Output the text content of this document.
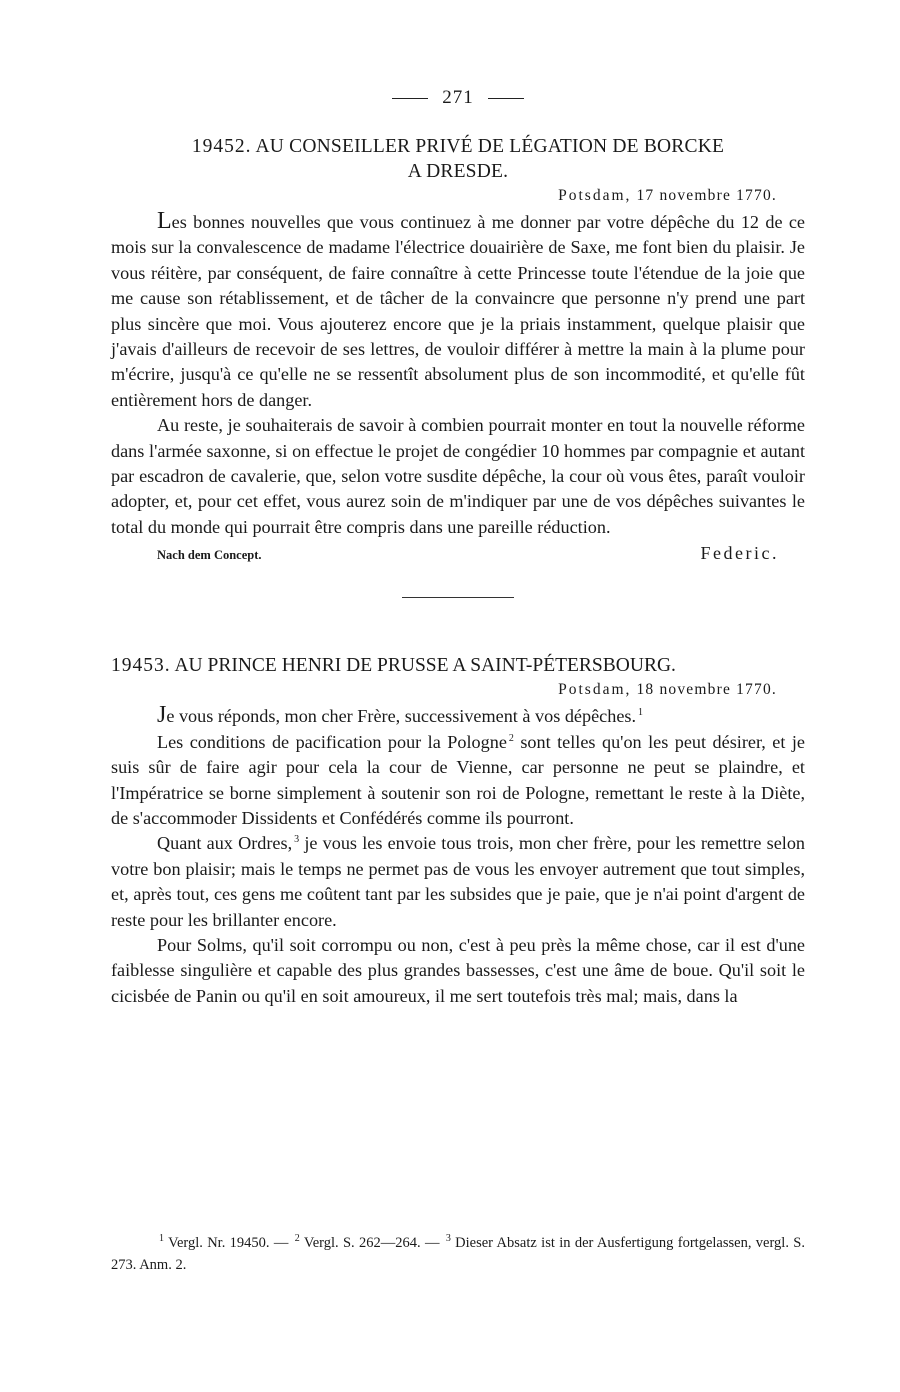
271
19452. AU CONSEILLER PRIVÉ DE LÉGATION DE BORCKE
A DRESDE.
Potsdam, 17 novembre 1770.

Les bonnes nouvelles que vous continuez à me donner par votre dépêche du 12 de ce mois sur la convalescence de madame l'électrice douairière de Saxe, me font bien du plaisir. Je vous réitère, par conséquent, de faire connaître à cette Princesse toute l'étendue de la joie que me cause son rétablissement, et de tâcher de la convaincre que personne n'y prend une part plus sincère que moi. Vous ajouterez encore que je la priais instamment, quelque plaisir que j'avais d'ailleurs de recevoir de ses lettres, de vouloir différer à mettre la main à la plume pour m'écrire, jusqu'à ce qu'elle ne se ressentît absolument plus de son incommodité, et qu'elle fût entièrement hors de danger.

Au reste, je souhaiterais de savoir à combien pourrait monter en tout la nouvelle réforme dans l'armée saxonne, si on effectue le projet de congédier 10 hommes par compagnie et autant par escadron de cavalerie, que, selon votre susdite dépêche, la cour où vous êtes, paraît vouloir adopter, et, pour cet effet, vous aurez soin de m'indiquer par une de vos dépêches suivantes le total du monde qui pourrait être compris dans une pareille réduction.

Nach dem Concept.	Federic.
19453. AU PRINCE HENRI DE PRUSSE A SAINT-PÉTERSBOURG.
Potsdam, 18 novembre 1770.

Je vous réponds, mon cher Frère, successivement à vos dépêches. $^1$

Les conditions de pacification pour la Pologne $^2$ sont telles qu'on les peut désirer, et je suis sûr de faire agir pour cela la cour de Vienne, car personne ne peut se plaindre, et l'Impératrice se borne simplement à soutenir son roi de Pologne, remettant le reste à la Diète, de s'accommoder Dissidents et Confédérés comme ils pourront.

Quant aux Ordres, $^3$ je vous les envoie tous trois, mon cher frère, pour les remettre selon votre bon plaisir; mais le temps ne permet pas de vous les envoyer autrement que tout simples, et, après tout, ces gens me coûtent tant par les subsides que je paie, que je n'ai point d'argent de reste pour les brillanter encore.

Pour Solms, qu'il soit corrompu ou non, c'est à peu près la même chose, car il est d'une faiblesse singulière et capable des plus grandes bassesses, c'est une âme de boue. Qu'il soit le cicisbée de Panin ou qu'il en soit amoureux, il me sert toutefois très mal; mais, dans la

$^1$ Vergl. Nr. 19450. — $^2$ Vergl. S. 262—264. — $^3$ Dieser Absatz ist in der Ausfertigung fortgelassen, vergl. S. 273. Anm. 2.
